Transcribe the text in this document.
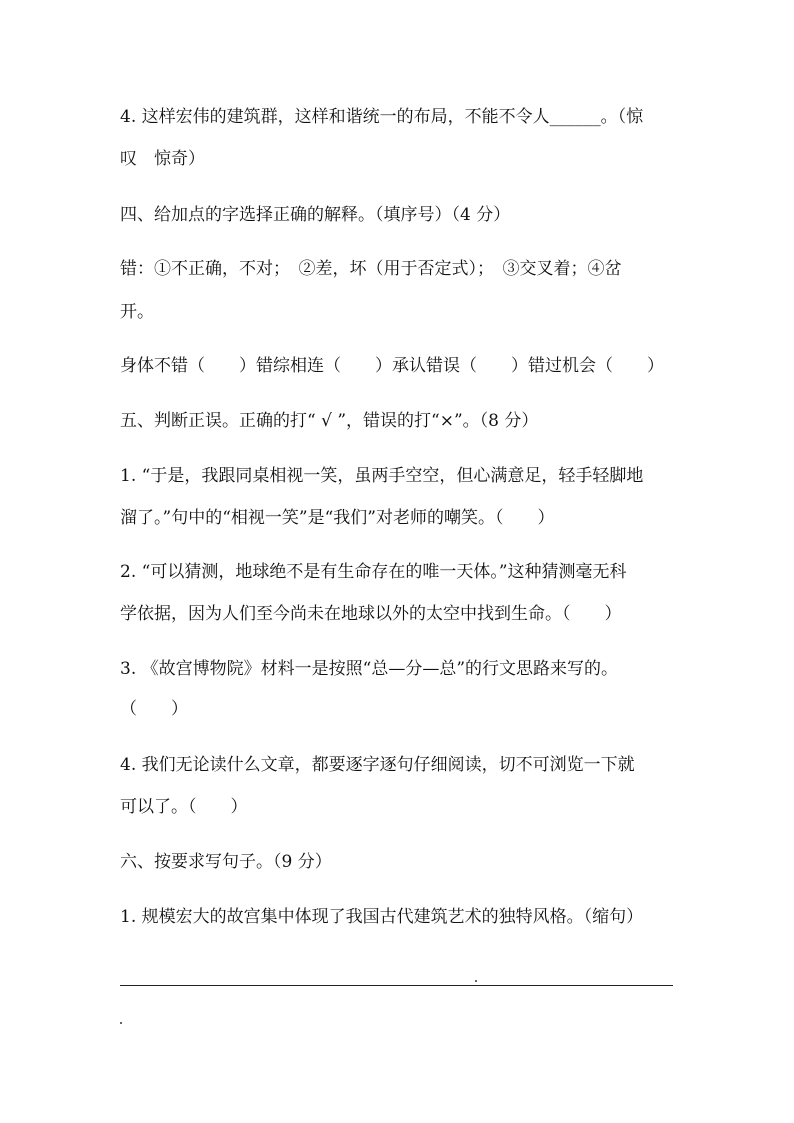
4. 这样宏伟的建筑群，这样和谐统一的布局，不能不令人______。（惊
叹　惊奇）
四、给加点的字选择正确的解释。（填序号）（4 分）
错：①不正确，不对；　②差，坏（用于否定式）；　③交叉着；④岔
开。
身体不错（　　）错综相连（　　）承认错误（　　）错过机会（　　）
五、判断正误。正确的打“ √ ”，错误的打“×”。（8 分）
1. “于是，我跟同桌相视一笑，虽两手空空，但心满意足，轻手轻脚地
溜了。”句中的“相视一笑”是“我们”对老师的嘲笑。（　　）
2. “可以猜测，地球绝不是有生命存在的唯一天体。”这种猜测毫无科
学依据，因为人们至今尚未在地球以外的太空中找到生命。（　　）
3. 《故宫博物院》材料一是按照“总—分—总”的行文思路来写的。
（　　）
4. 我们无论读什么文章，都要逐字逐句仔细阅读，切不可浏览一下就
可以了。（　　）
六、按要求写句子。（9 分）
1. 规模宏大的故宫集中体现了我国古代建筑艺术的独特风格。（缩句）
